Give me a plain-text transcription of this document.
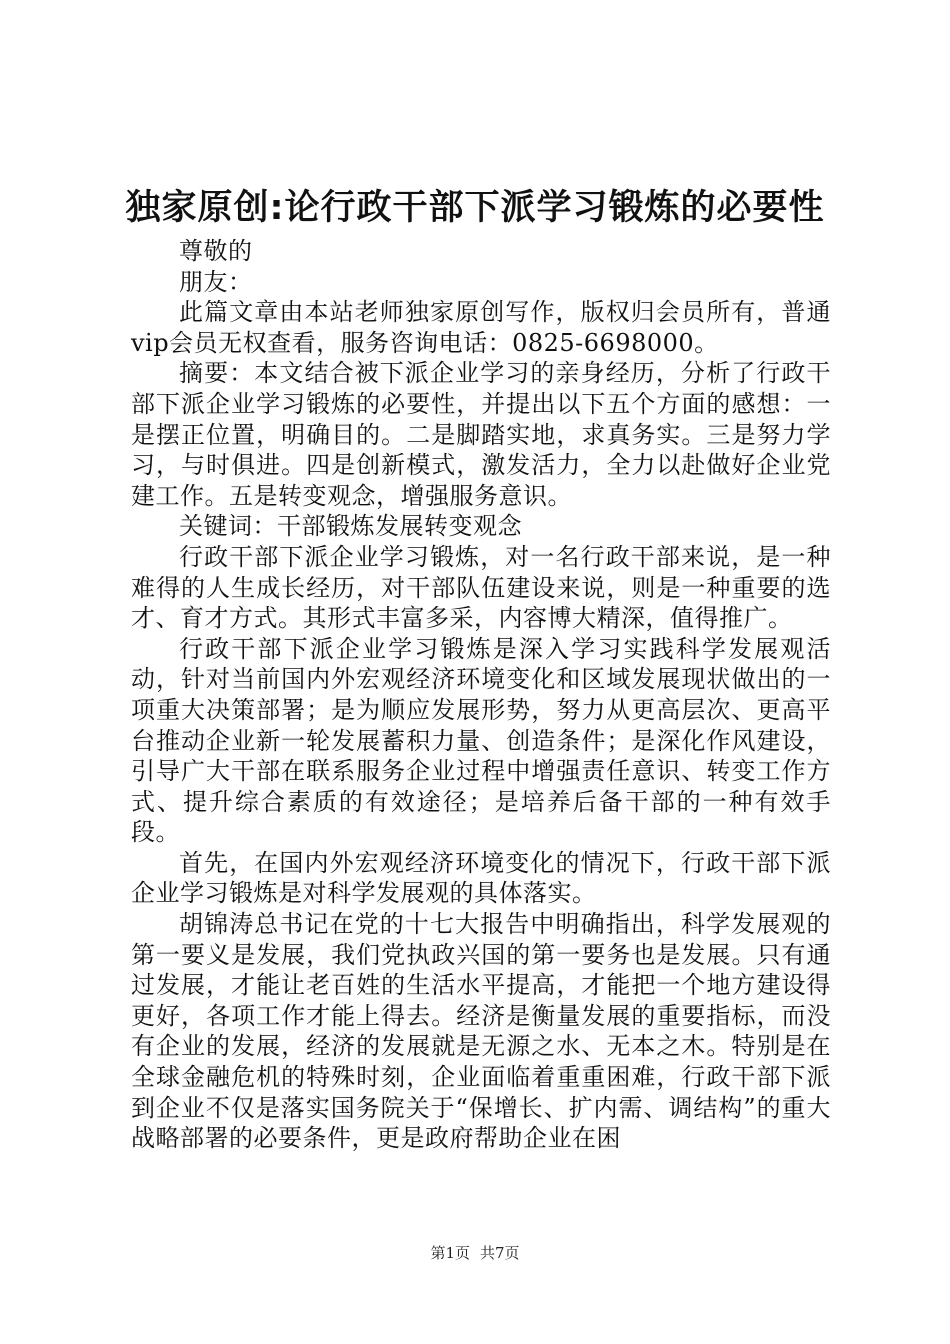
独家原创:论行政干部下派学习锻炼的必要性

尊敬的

朋友：

此篇文章由本站老师独家原创写作，版权归会员所有，普通vip会员无权查看，服务咨询电话：0825-6698000。

摘要：本文结合被下派企业学习的亲身经历，分析了行政干部下派企业学习锻炼的必要性，并提出以下五个方面的感想：一是摆正位置，明确目的。二是脚踏实地，求真务实。三是努力学习，与时俱进。四是创新模式，激发活力，全力以赴做好企业党建工作。五是转变观念，增强服务意识。

关键词：干部锻炼发展转变观念

行政干部下派企业学习锻炼，对一名行政干部来说，是一种难得的人生成长经历，对干部队伍建设来说，则是一种重要的选才、育才方式。其形式丰富多采，内容博大精深，值得推广。

行政干部下派企业学习锻炼是深入学习实践科学发展观活动，针对当前国内外宏观经济环境变化和区域发展现状做出的一项重大决策部署；是为顺应发展形势，努力从更高层次、更高平台推动企业新一轮发展蓄积力量、创造条件；是深化作风建设，引导广大干部在联系服务企业过程中增强责任意识、转变工作方式、提升综合素质的有效途径；是培养后备干部的一种有效手段。

首先，在国内外宏观经济环境变化的情况下，行政干部下派企业学习锻炼是对科学发展观的具体落实。

胡锦涛总书记在党的十七大报告中明确指出，科学发展观的第一要义是发展，我们党执政兴国的第一要务也是发展。只有通过发展，才能让老百姓的生活水平提高，才能把一个地方建设得更好，各项工作才能上得去。经济是衡量发展的重要指标，而没有企业的发展，经济的发展就是无源之水、无本之木。特别是在全球金融危机的特殊时刻，企业面临着重重困难，行政干部下派到企业不仅是落实国务院关于“保增长、扩内需、调结构”的重大战略部署的必要条件，更是政府帮助企业在困

第1页 共7页
